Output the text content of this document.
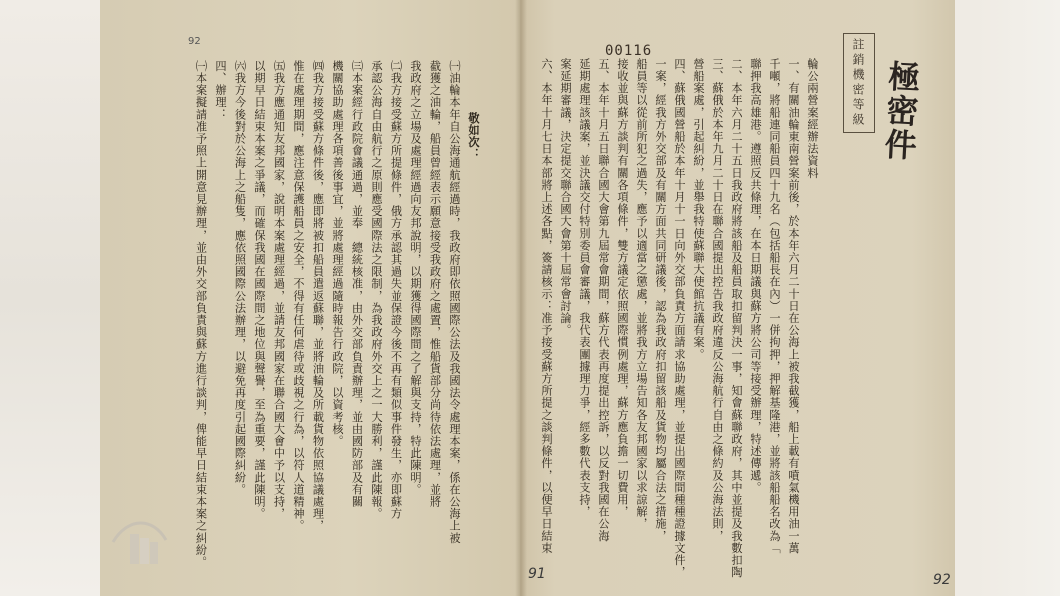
92
91	92
00116	註銷機密等級 極密件
輪公兩營案經辦法資料
一、有關油輪東南營案前後，於本年六月二十日在公海上被我截獲，船上載有噴氣機用油一萬
千噸，將船連同船員四十九名（包括船長在內）一併拘押，押解基隆港，並將該船船名改為「
聯押我高雄港。遵照反共條理，在本日期議與蘇方將公司等接受辦理，特述傳遞。
二、本年六月二十五日我政府將該船及船員取扣留判決一事，知會蘇聯政府，其中並提及我數扣陶
三、蘇俄於本年九月二十日在聯合國提出控告我政府違反公海航行自由之條約及公海法則，
營船案處，引起糾紛，並舉我特使蘇聯大使館抗議有案。
四、蘇俄國營船於本年十月十一日向外交部負責方面請求協助處理，並提出國際間種種證據文件，
一案，經我方外交部及有關方面共同研議後，認為我政府扣留該船及貨物均屬合法之措施，
船員等以從前所犯之過失，應予以適當之懲處，並將我方立場告知各友邦國家以求諒解，
接收並與蘇方談判有關各項條件，雙方議定依照國際慣例處理，蘇方應負擔一切費用，
五、本年十月五日聯合國大會第九屆常會期間，蘇方代表再度提出控訴，以反對我國在公海
延期處理該議案，並決議交付特別委員會審議，我代表團據理力爭，經多數代表支持，
案延期審議，決定提交聯合國大會第十屆常會討論。
六、本年十月七日本部將上述各點，簽請核示：准予接受蘇方所提之談判條件，以便早日結束
㈠油輪本年自公海通航經過時，我政府即依照國際公法及我國法令處理本案，係在公海上被
截獲之油輪，船員曾經表示願意接受我政府之處置，惟船貨部分尚待依法處理，並將
我政府之立場及處理經過向友邦說明，以期獲得國際間之了解與支持，特此陳明。
㈡我方接受蘇方所提條件，俄方承認其過失並保證今後不再有類似事件發生，亦即蘇方
承認公海自由航行之原則應受國際法之限制，為我政府外交上之一大勝利，謹此陳報。
㈢本案經行政院會議通過，並奉　總統核准，由外交部負責辦理，並由國防部及有關
機關協助處理各項善後事宜，並將處理經過隨時報告行政院，以資考核。
㈣我方接受蘇方條件後，應即將被扣船員遣返蘇聯，並將油輪及所載貨物依照協議處理，
惟在處理期間，應注意保護船員之安全，不得有任何虐待或歧視之行為，以符人道精神。
㈤我方應通知友邦國家，說明本案處理經過，並請友邦國家在聯合國大會中予以支持，
以期早日結束本案之爭議，而確保我國在國際間之地位與聲譽，至為重要，謹此陳明。
㈥我方今後對於公海上之船隻，應依照國際公法辦理，以避免再度引起國際糾紛。
四、辦理：
㈠本案擬請准予照上開意見辦理，並由外交部負責與蘇方進行談判，俾能早日結束本案之糾紛。	敬如次：
